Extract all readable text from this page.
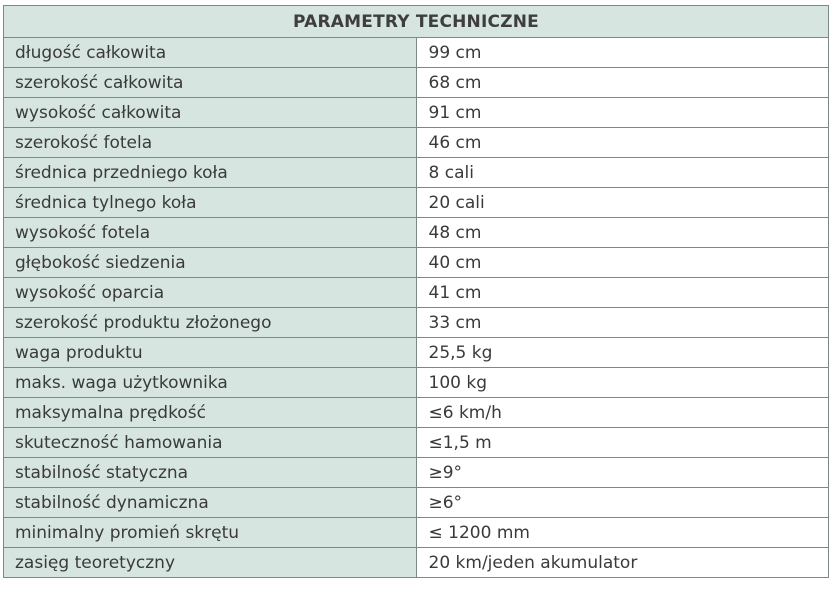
PARAMETRY TECHNICZNE	
długość całkowita	99 cm
szerokość całkowita	68 cm
wysokość całkowita	91 cm
szerokość fotela	46 cm
średnica przedniego koła	8 cali
średnica tylnego koła	20 cali
wysokość fotela	48 cm
głębokość siedzenia	40 cm
wysokość oparcia	41 cm
szerokość produktu złożonego	33 cm
waga produktu	25,5 kg
maks. waga użytkownika	100 kg
maksymalna prędkość	≤6 km/h
skuteczność hamowania	≤1,5 m
stabilność statyczna	≥9°
stabilność dynamiczna	≥6°
minimalny promień skrętu	≤ 1200 mm
zasięg teoretyczny	20 km/jeden akumulator
